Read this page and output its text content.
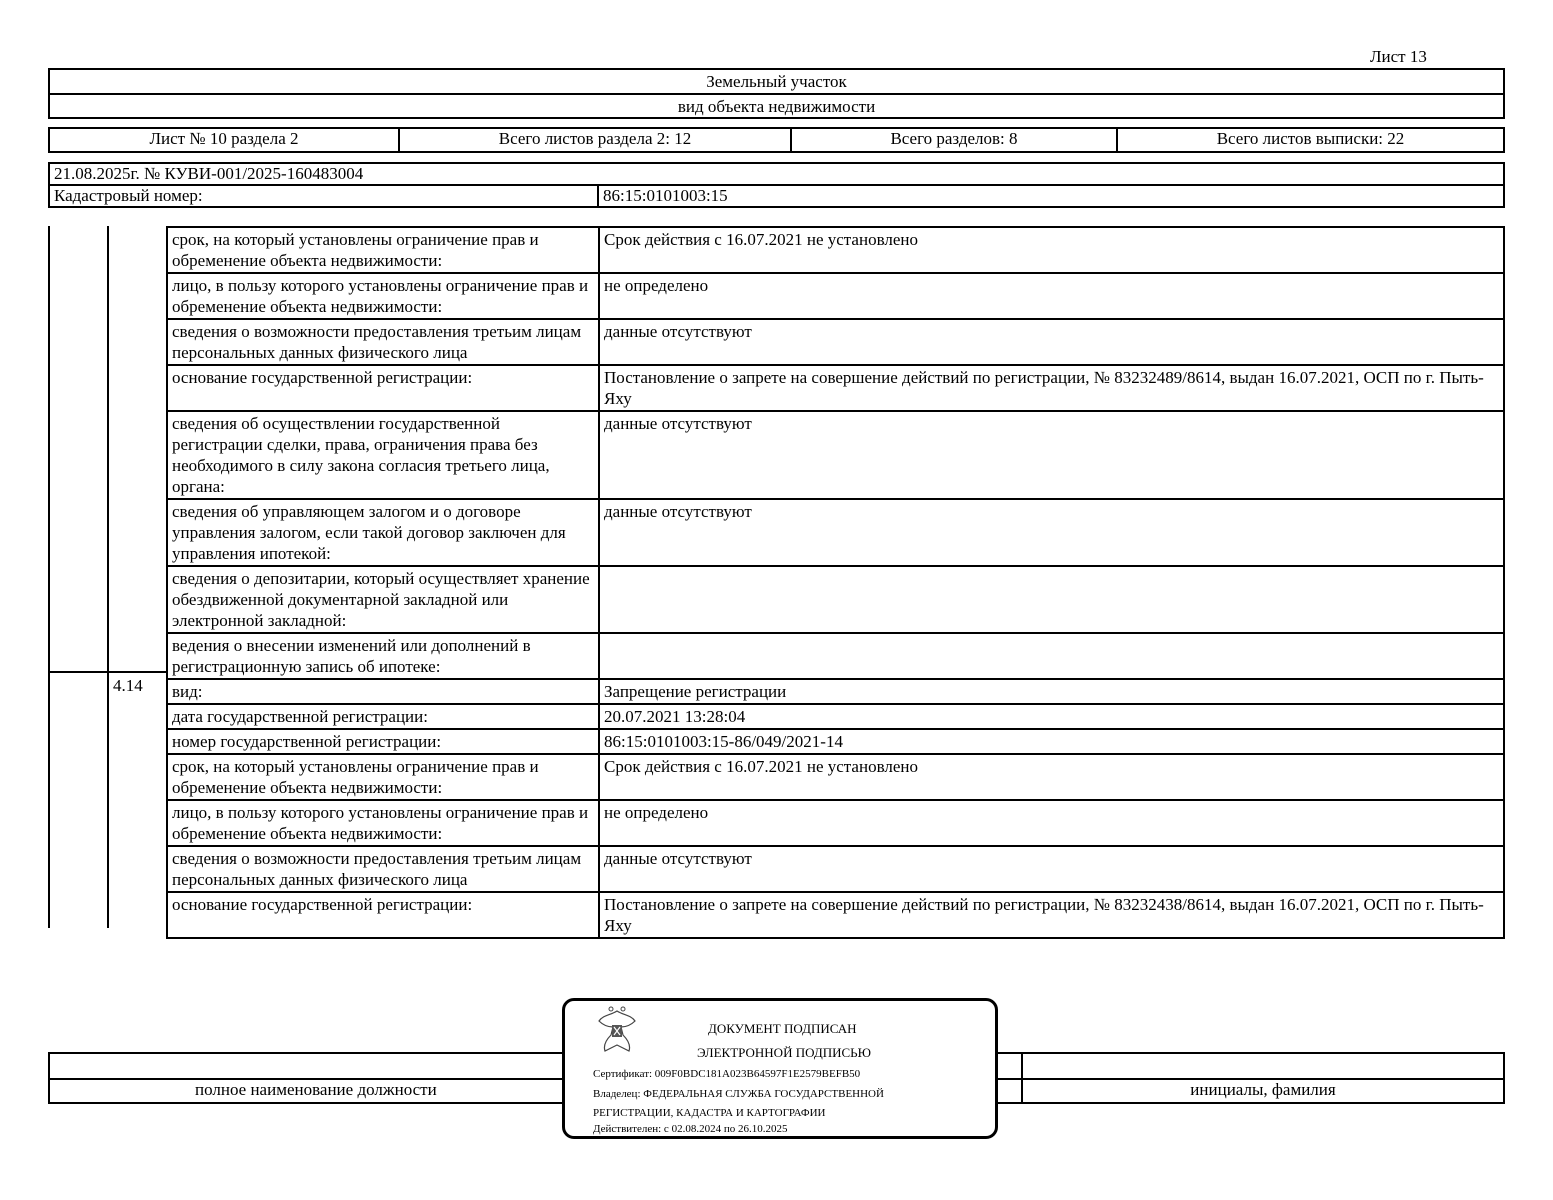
Лист 13
Земельный участок
вид объекта недвижимости
Лист № 10 раздела 2	Всего листов раздела 2: 12	Всего разделов: 8	Всего листов выписки: 22
21.08.2025г. № КУВИ-001/2025-160483004
Кадастровый номер:	86:15:0101003:15
4.14
срок, на который установлены ограничение прав и обременение объекта недвижимости:	Срок действия с 16.07.2021 не установлено
лицо, в пользу которого установлены ограничение прав и обременение объекта недвижимости:	не определено
сведения о возможности предоставления третьим лицам персональных данных физического лица	данные отсутствуют
основание государственной регистрации:	Постановление о запрете на совершение действий по регистрации, № 83232489/8614, выдан 16.07.2021, ОСП по г. Пыть-Яху
сведения об осуществлении государственной регистрации сделки, права, ограничения права без необходимого в силу закона согласия третьего лица, органа:	данные отсутствуют
сведения об управляющем залогом и о договоре управления залогом, если такой договор заключен для управления ипотекой:	данные отсутствуют
сведения о депозитарии, который осуществляет хранение обездвиженной документарной закладной или электронной закладной:	
ведения о внесении изменений или дополнений в регистрационную запись об ипотеке:	
вид:	Запрещение регистрации
дата государственной регистрации:	20.07.2021 13:28:04
номер государственной регистрации:	86:15:0101003:15-86/049/2021-14
срок, на который установлены ограничение прав и обременение объекта недвижимости:	Срок действия с 16.07.2021 не установлено
лицо, в пользу которого установлены ограничение прав и обременение объекта недвижимости:	не определено
сведения о возможности предоставления третьим лицам персональных данных физического лица	данные отсутствуют
основание государственной регистрации:	Постановление о запрете на совершение действий по регистрации, № 83232438/8614, выдан 16.07.2021, ОСП по г. Пыть-Яху

полное наименование должности	инициалы, фамилия
ДОКУМЕНТ ПОДПИСАН
ЭЛЕКТРОННОЙ ПОДПИСЬЮ
Сертификат: 009F0BDC181A023B64597F1E2579BEFB50
Владелец: ФЕДЕРАЛЬНАЯ СЛУЖБА ГОСУДАРСТВЕННОЙ
РЕГИСТРАЦИИ, КАДАСТРА И КАРТОГРАФИИ
Действителен: с 02.08.2024 по 26.10.2025
